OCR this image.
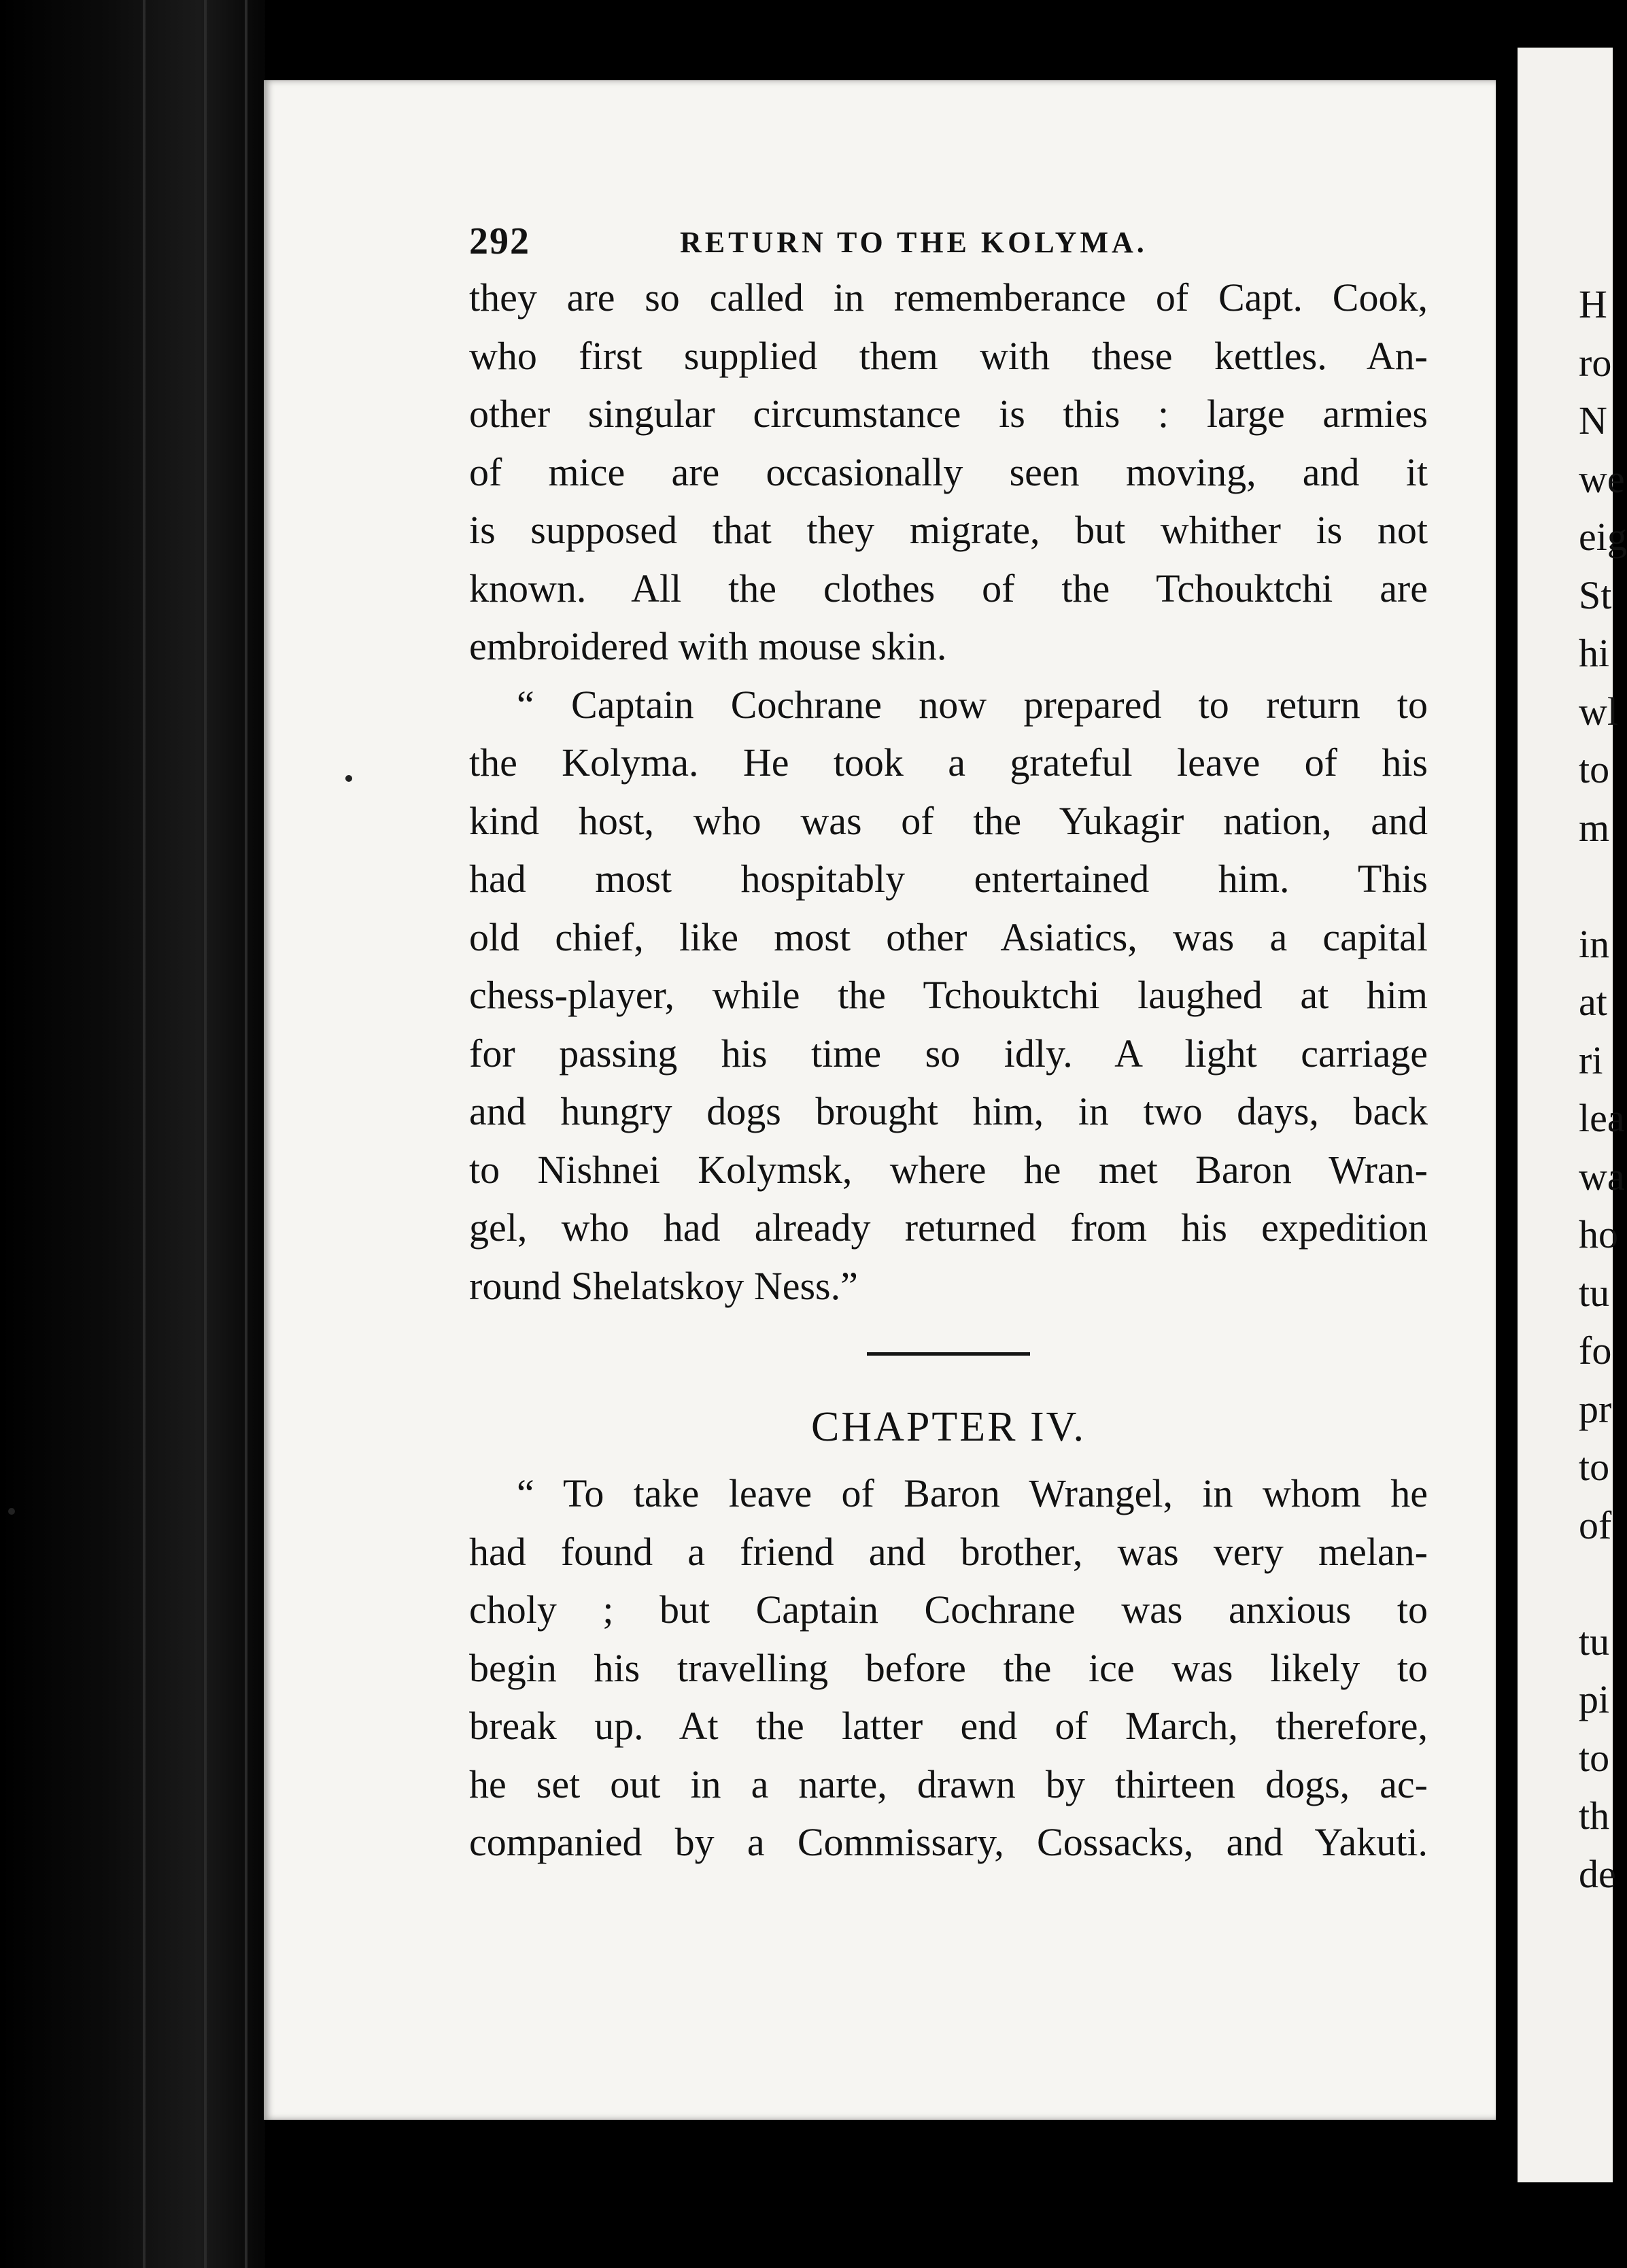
H
ro
N
we
eig
St
hi
wl
to
m
in
at
ri
lea
wa
ho
tu
fo
pr
to
of
tu
pi
to
th
de
292	RETURN TO THE KOLYMA.
they are so called in rememberance of Capt. Cook,
who first supplied them with these kettles. An-
other singular circumstance is this : large armies
of mice are occasionally seen moving, and it
is supposed that they migrate, but whither is not
known. All the clothes of the Tchouktchi are
embroidered with mouse skin.
“ Captain Cochrane now prepared to return to
the Kolyma. He took a grateful leave of his
kind host, who was of the Yukagir nation, and
had most hospitably entertained him. This
old chief, like most other Asiatics, was a capital
chess-player, while the Tchouktchi laughed at him
for passing his time so idly. A light carriage
and hungry dogs brought him, in two days, back
to Nishnei Kolymsk, where he met Baron Wran-
gel, who had already returned from his expedition
round Shelatskoy Ness.”
CHAPTER IV.
“ To take leave of Baron Wrangel, in whom he
had found a friend and brother, was very melan-
choly ; but Captain Cochrane was anxious to
begin his travelling before the ice was likely to
break up. At the latter end of March, therefore,
he set out in a narte, drawn by thirteen dogs, ac-
companied by a Commissary, Cossacks, and Yakuti.
